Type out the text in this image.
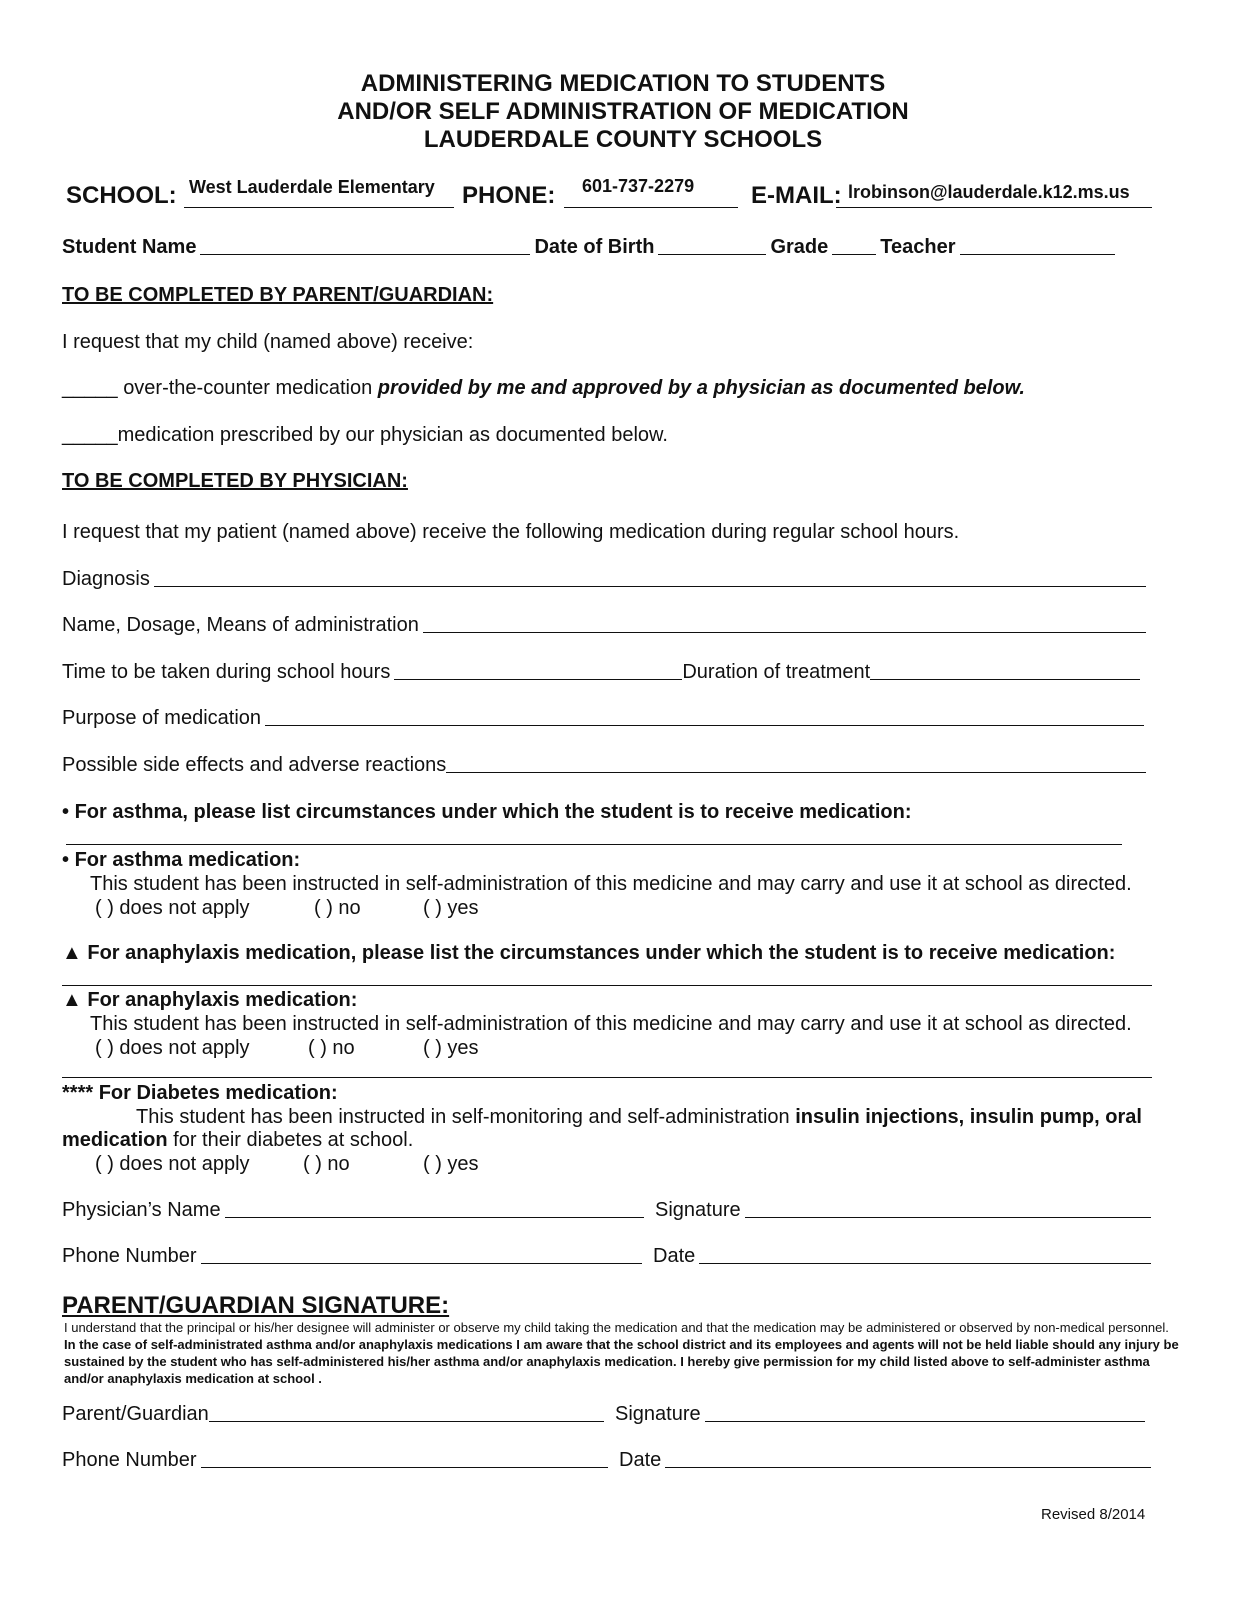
ADMINISTERING MEDICATION TO STUDENTS
AND/OR SELF ADMINISTRATION OF MEDICATION
LAUDERDALE COUNTY SCHOOLS
SCHOOL: West Lauderdale Elementary PHONE: 601-737-2279 E-MAIL: lrobinson@lauderdale.k12.ms.us
Student Name	Date of Birth	Grade	Teacher
TO BE COMPLETED BY PARENT/GUARDIAN:
I request that my child (named above) receive:
_____ over-the-counter medication provided by me and approved by a physician as documented below.
_____medication prescribed by our physician as documented below.
TO BE COMPLETED BY PHYSICIAN:
I request that my patient (named above) receive the following medication during regular school hours.
Diagnosis
Name, Dosage, Means of administration
Time to be taken during school hours	Duration of treatment
Purpose of medication
Possible side effects and adverse reactions
• For asthma, please list circumstances under which the student is to receive medication:
• For asthma medication:
This student has been instructed in self-administration of this medicine and may carry and use it at school as directed.
( ) does not apply	( ) no	( ) yes
▲ For anaphylaxis medication, please list the circumstances under which the student is to receive medication:
▲ For anaphylaxis medication:
This student has been instructed in self-administration of this medicine and may carry and use it at school as directed.
( ) does not apply	( ) no	( ) yes
**** For Diabetes medication:
This student has been instructed in self-monitoring and self-administration insulin injections, insulin pump, oral
medication for their diabetes at school.
( ) does not apply	( ) no	( ) yes
Physician’s Name	Signature
Phone Number	Date
PARENT/GUARDIAN SIGNATURE:
I understand that the principal or his/her designee will administer or observe my child taking the medication and that the medication may be administered or observed by non-medical personnel. In the case of self-administrated asthma and/or anaphylaxis medications I am aware that the school district and its employees and agents will not be held liable should any injury be sustained by the student who has self-administered his/her asthma and/or anaphylaxis medication. I hereby give permission for my child listed above to self-administer asthma and/or anaphylaxis medication at school .
Parent/Guardian	Signature
Phone Number	Date
Revised 8/2014
